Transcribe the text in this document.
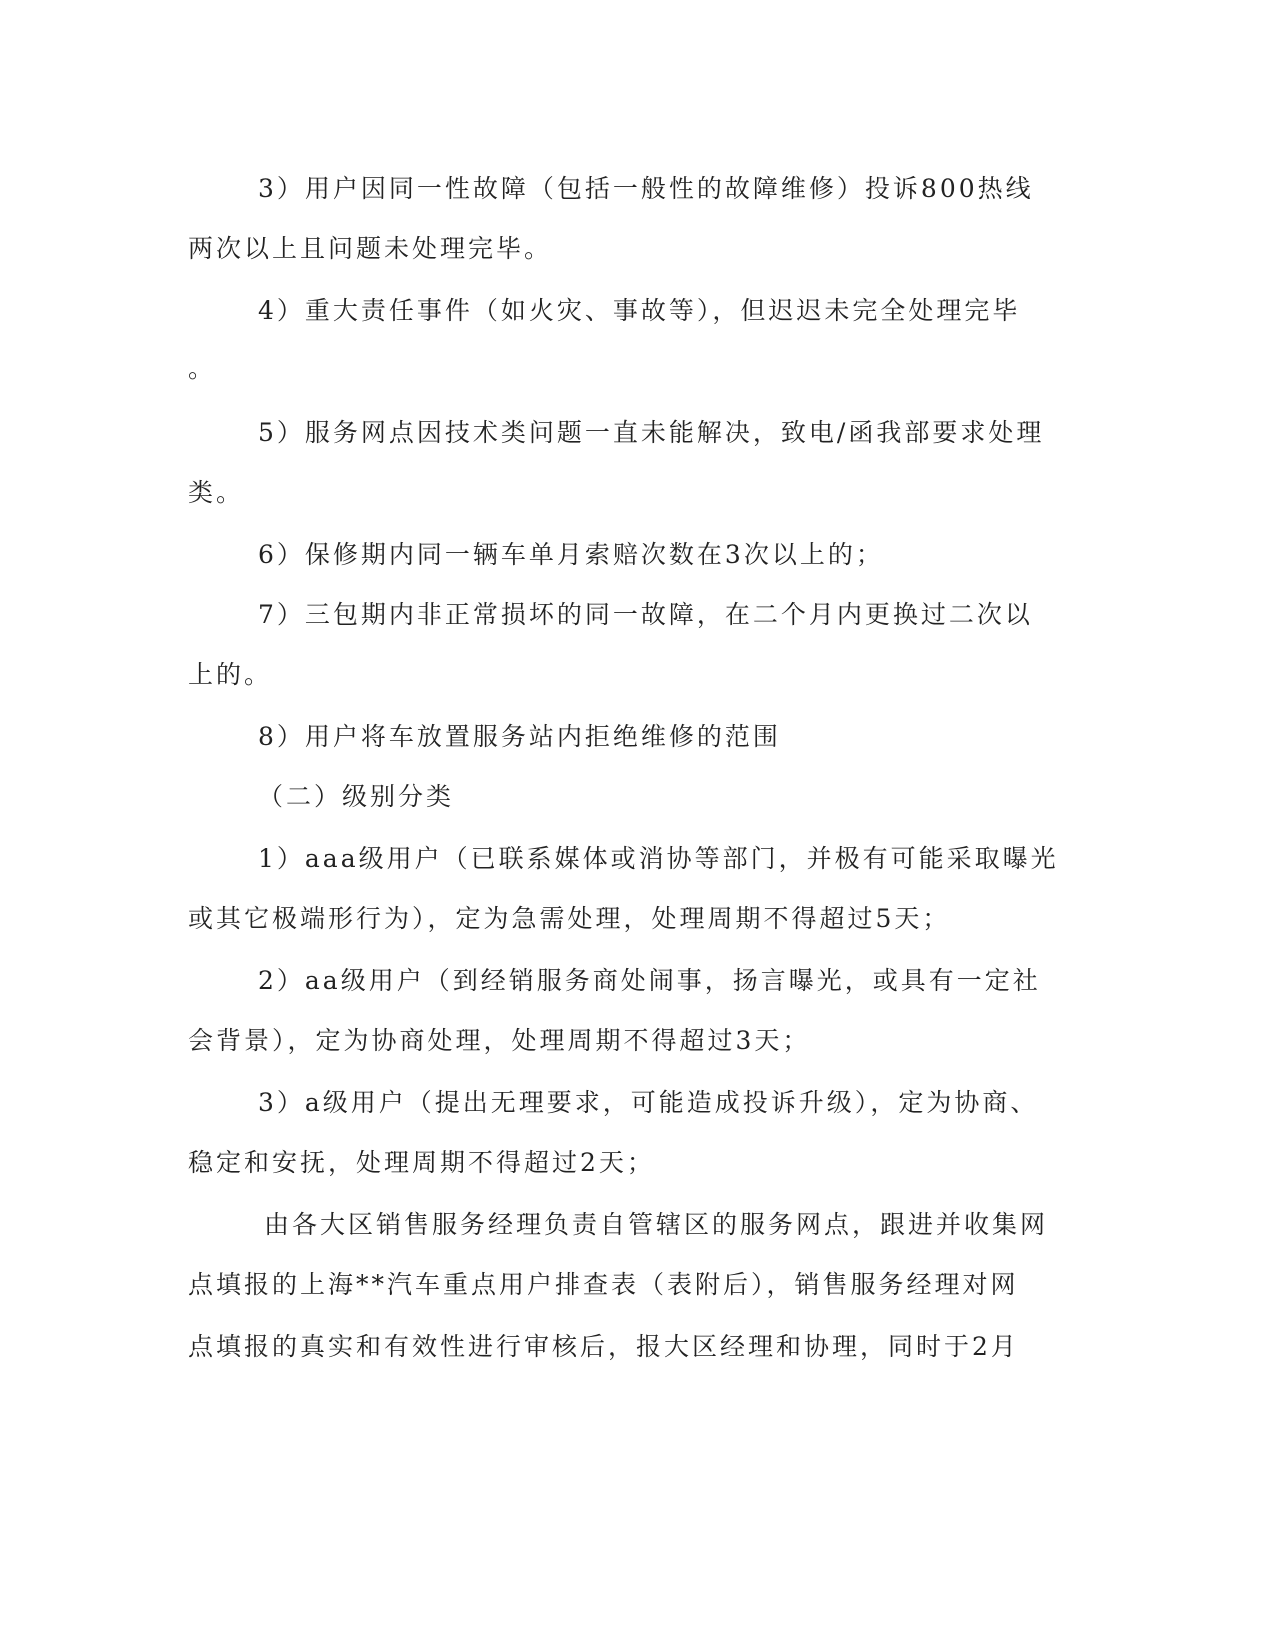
3）用户因同一性故障（包括一般性的故障维修）投诉800热线
两次以上且问题未处理完毕。
4）重大责任事件（如火灾、事故等），但迟迟未完全处理完毕
。
5）服务网点因技术类问题一直未能解决，致电/函我部要求处理
类。
6）保修期内同一辆车单月索赔次数在3次以上的；
7）三包期内非正常损坏的同一故障，在二个月内更换过二次以
上的。
8）用户将车放置服务站内拒绝维修的范围
（二）级别分类
1）aaa级用户（已联系媒体或消协等部门，并极有可能采取曝光
或其它极端形行为），定为急需处理，处理周期不得超过5天；
2）aa级用户（到经销服务商处闹事，扬言曝光，或具有一定社
会背景），定为协商处理，处理周期不得超过3天；
3）a级用户（提出无理要求，可能造成投诉升级），定为协商、
稳定和安抚，处理周期不得超过2天；
由各大区销售服务经理负责自管辖区的服务网点，跟进并收集网
点填报的上海**汽车重点用户排查表（表附后），销售服务经理对网
点填报的真实和有效性进行审核后，报大区经理和协理，同时于2月
